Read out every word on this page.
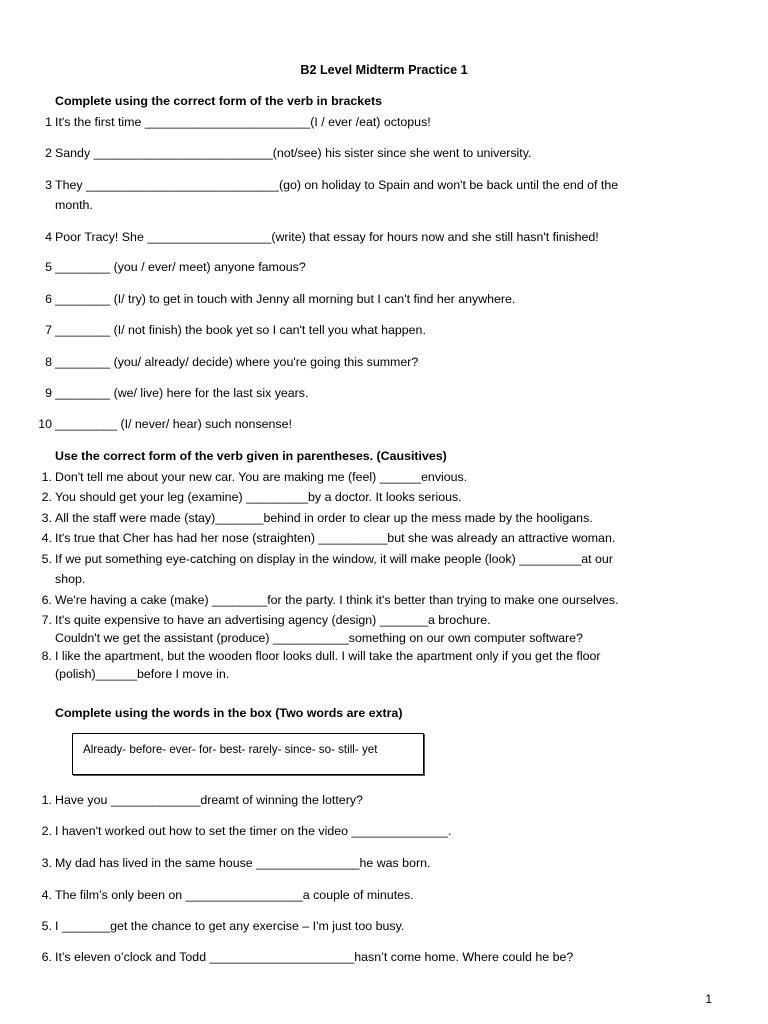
B2 Level Midterm Practice 1
Complete using the correct form of the verb in brackets
1 It's the first time ________________________(I / ever /eat) octopus!
2 Sandy __________________________(not/see) his sister since she went to university.
3 They ____________________________(go) on holiday to Spain and won't be back until the end of the
month.
4 Poor Tracy! She __________________(write) that essay for hours now and she still hasn't finished!
5 ________ (you / ever/ meet) anyone famous?
6 ________ (I/ try) to get in touch with Jenny all morning but I can't find her anywhere.
7 ________ (I/ not finish) the book yet so I can't tell you what happen.
8 ________ (you/ already/ decide) where you're going this summer?
9 ________ (we/ live) here for the last six years.
10 _________ (I/ never/ hear) such nonsense!
Use the correct form of the verb given in parentheses. (Causitives)
1. Don't tell me about your new car. You are making me (feel) ______envious.
2. You should get your leg (examine) _________by a doctor. It looks serious.
3. All the staff were made (stay)_______behind in order to clear up the mess made by the hooligans.
4. It's true that Cher has had her nose (straighten) __________but she was already an attractive woman.
5. If we put something eye-catching on display in the window, it will make people (look) _________at our
shop.
6. We're having a cake (make) ________for the party. I think it's better than trying to make one ourselves.
7. It's quite expensive to have an advertising agency (design) _______a brochure.
Couldn't we get the assistant (produce) ___________something on our own computer software?
8. I like the apartment, but the wooden floor looks dull. I will take the apartment only if you get the floor
(polish)______before I move in.
Complete using the words in the box (Two words are extra)
Already- before- ever- for- best- rarely- since- so- still- yet
1. Have you _____________dreamt of winning the lottery?
2. I haven't worked out how to set the timer on the video ______________.
3. My dad has lived in the same house _______________he was born.
4. The film’s only been on _________________a couple of minutes.
5. I _______get the chance to get any exercise – I'm just too busy.
6. It’s eleven o’clock and Todd _____________________hasn’t come home. Where could he be?
1
